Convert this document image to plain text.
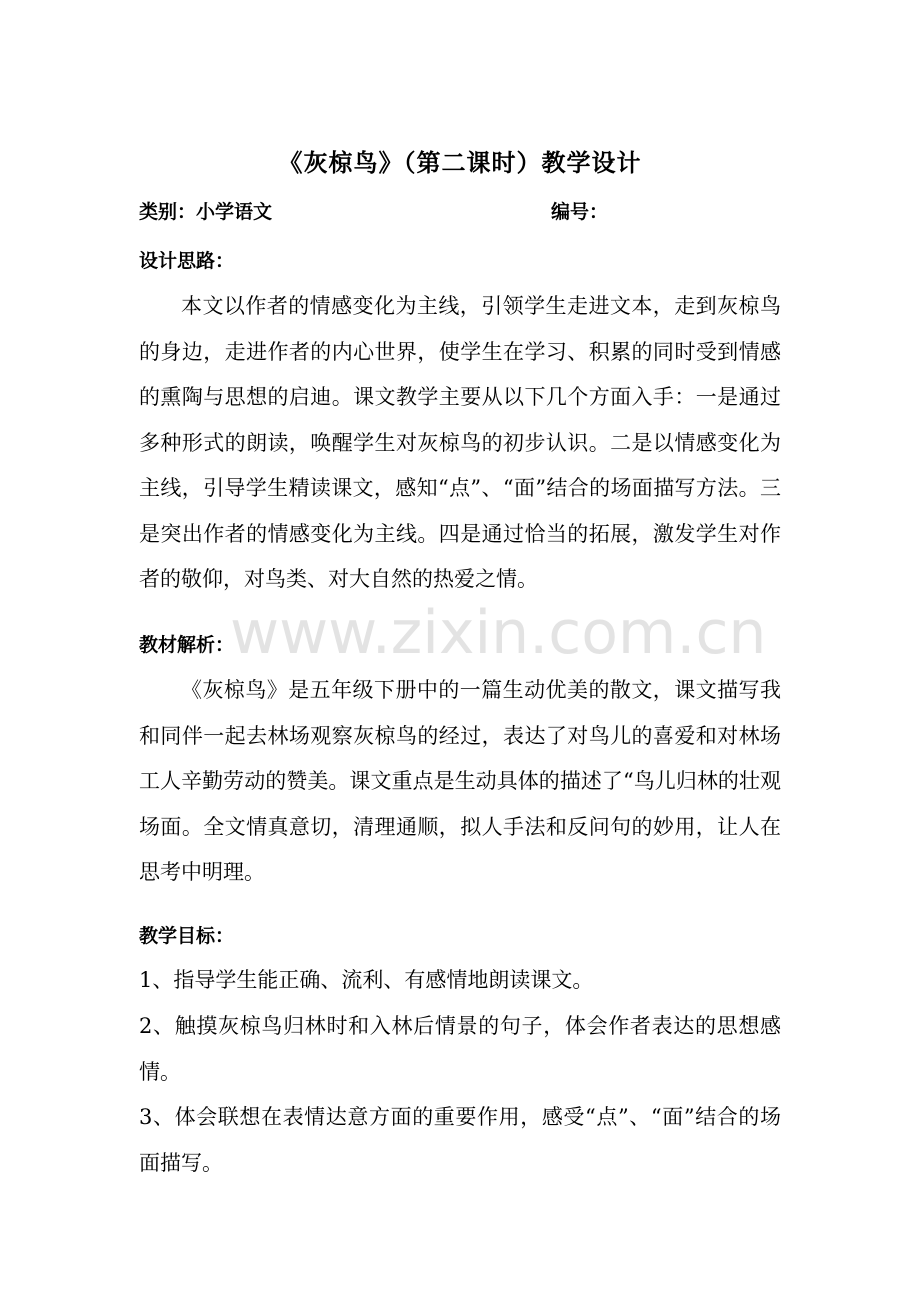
www.zixin.com.cn
《灰椋鸟》（第二课时）教学设计
类别：小学语文	编号：
设计思路：
本文以作者的情感变化为主线，引领学生走进文本，走到灰椋鸟的身边，走进作者的内心世界，使学生在学习、积累的同时受到情感的熏陶与思想的启迪。课文教学主要从以下几个方面入手：一是通过多种形式的朗读，唤醒学生对灰椋鸟的初步认识。二是以情感变化为主线，引导学生精读课文，感知“点”、“面”结合的场面描写方法。三是突出作者的情感变化为主线。四是通过恰当的拓展，激发学生对作者的敬仰，对鸟类、对大自然的热爱之情。
教材解析：
《灰椋鸟》是五年级下册中的一篇生动优美的散文，课文描写我和同伴一起去林场观察灰椋鸟的经过，表达了对鸟儿的喜爱和对林场工人辛勤劳动的赞美。课文重点是生动具体的描述了“鸟儿归林的壮观场面。全文情真意切，清理通顺，拟人手法和反问句的妙用，让人在思考中明理。
教学目标：
1、指导学生能正确、流利、有感情地朗读课文。
2、触摸灰椋鸟归林时和入林后情景的句子，体会作者表达的思想感情。
3、体会联想在表情达意方面的重要作用，感受“点”、“面”结合的场面描写。
